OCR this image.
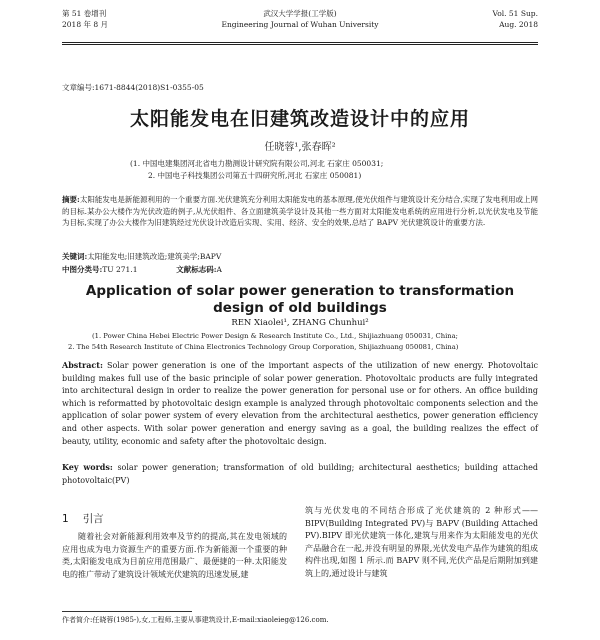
第 51 卷增刊
2018 年 8 月
武汉大学学报(工学版)
Engineering Journal of Wuhan University
Vol. 51 Sup.
Aug. 2018
文章编号:1671-8844(2018)S1-0355-05
太阳能发电在旧建筑改造设计中的应用
任晓蓉¹,张春晖²
(1. 中国电建集团河北省电力勘测设计研究院有限公司,河北 石家庄 050031;
2. 中国电子科技集团公司第五十四研究所,河北 石家庄 050081)
摘要:太阳能发电是新能源利用的一个重要方面.光伏建筑充分利用太阳能发电的基本原理,使光伏组件与建筑设计充分结合,实现了发电利用或上网的目标.某办公大楼作为光伏改造的例子,从光伏组件、各立面建筑美学设计及其他一些方面对太阳能发电系统的应用进行分析,以光伏发电及节能为目标,实现了办公大楼作为旧建筑经过光伏设计改造后实现、实用、经济、安全的效果,总结了 BAPV 光伏建筑设计的重要方法.
关键词:太阳能发电;旧建筑改造;建筑美学;BAPV
中图分类号:TU 271.1	文献标志码:A
Application of solar power generation to transformation
design of old buildings
REN Xiaolei¹, ZHANG Chunhui²
(1. Power China Hebei Electric Power Design & Research Institute Co., Ltd., Shijiazhuang 050031, China;
2. The 54th Research Institute of China Electronics Technology Group Corporation, Shijiazhuang 050081, China)
Abstract: Solar power generation is one of the important aspects of the utilization of new energy. Photovoltaic building makes full use of the basic principle of solar power generation. Photovoltaic products are fully integrated into architectural design in order to realize the power generation for personal use or for others. An office building which is reformatted by photovoltaic design example is analyzed through photovoltaic components selection and the application of solar power system of every elevation from the architectural aesthetics, power generation efficiency and other aspects. With solar power generation and energy saving as a goal, the building realizes the effect of beauty, utility, economic and safety after the photovoltaic design.
Key words: solar power generation; transformation of old building; architectural aesthetics; building attached photovoltaic(PV)
1 引言
随着社会对新能源利用效率及节约的提高,其在发电领域的应用也成为电力资源生产的重要方面.作为新能源一个重要的种类,太阳能发电成为目前应用范围最广、最便捷的一种.太阳能发电的推广带动了建筑设计领域光伏建筑的迅速发展,建
筑与光伏发电的不同结合形成了光伏建筑的 2 种形式——BIPV(Building Integrated PV)与 BAPV (Building Attached PV).BIPV 即光伏建筑一体化,建筑与用来作为太阳能发电的光伏产品融合在一起,并没有明显的界限,光伏发电产品作为建筑的组成构件出现,如图 1 所示.而 BAPV 则不同,光伏产品是后期附加到建筑上的,通过设计与建筑
作者简介:任晓蓉(1985-),女,工程师,主要从事建筑设计,E-mail:xiaoleieg@126.com.
